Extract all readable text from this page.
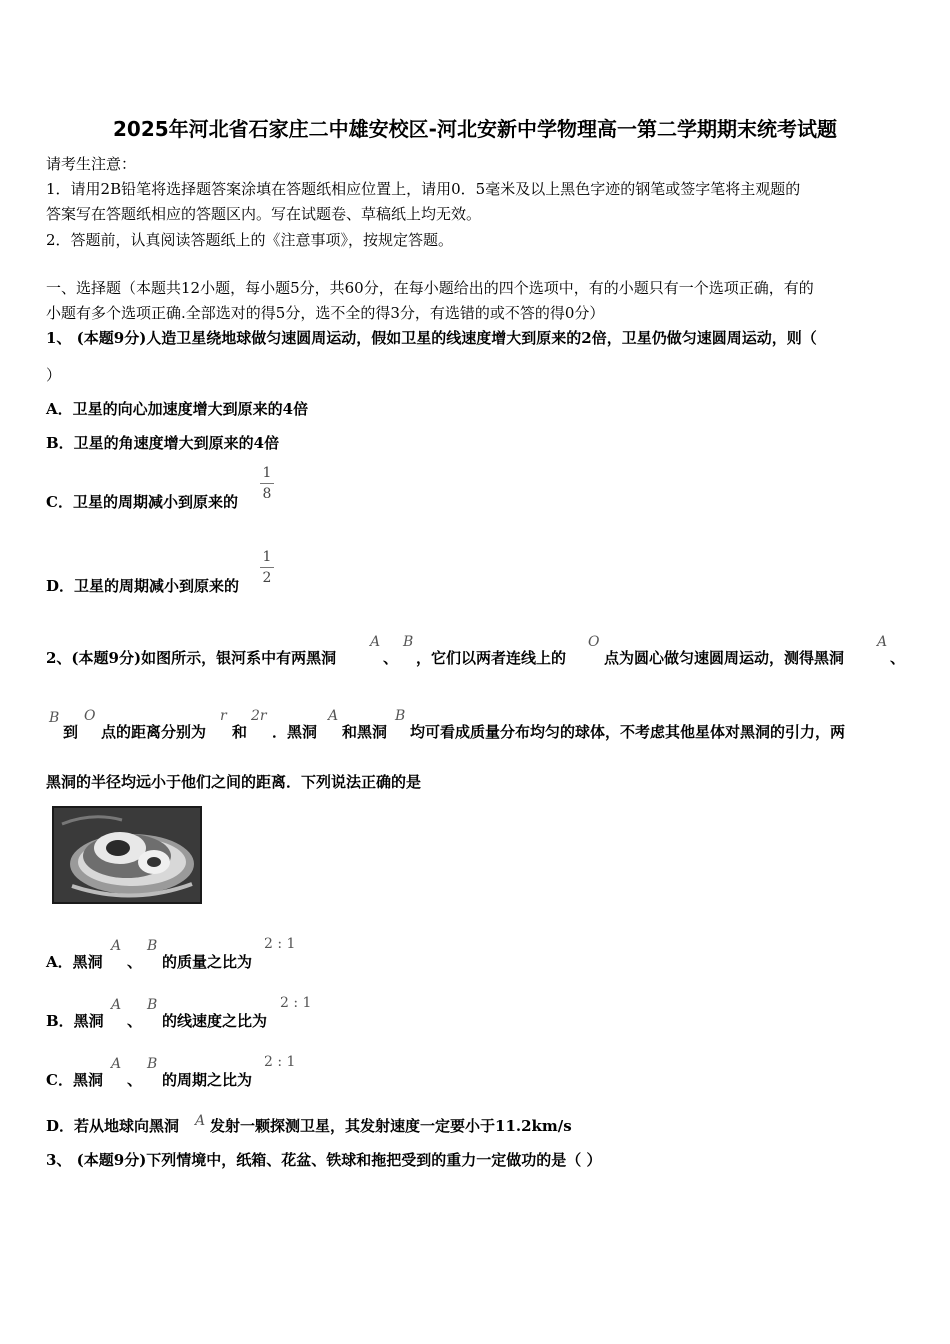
2025年河北省石家庄二中雄安校区-河北安新中学物理高一第二学期期末统考试题
请考生注意：
1．请用2B铅笔将选择题答案涂填在答题纸相应位置上，请用0．5毫米及以上黑色字迹的钢笔或签字笔将主观题的
答案写在答题纸相应的答题区内。写在试题卷、草稿纸上均无效。
2．答题前，认真阅读答题纸上的《注意事项》，按规定答题。
一、选择题（本题共12小题，每小题5分，共60分，在每小题给出的四个选项中，有的小题只有一个选项正确，有的
小题有多个选项正确.全部选对的得5分，选不全的得3分，有选错的或不答的得0分）
1、 (本题9分)人造卫星绕地球做匀速圆周运动，假如卫星的线速度增大到原来的2倍，卫星仍做匀速圆周运动，则（
）
A．卫星的向心加速度增大到原来的4倍
B．卫星的角速度增大到原来的4倍
C．卫星的周期减小到原来的
1
8
D．卫星的周期减小到原来的
1
2
2、(本题9分)如图所示，银河系中有两黑洞
A
、
B
，它们以两者连线上的
O
点为圆心做匀速圆周运动，测得黑洞
A
、
B
到
O
点的距离分别为
r
和
2r
．黑洞
A
和黑洞
B
均可看成质量分布均匀的球体，不考虑其他星体对黑洞的引力，两
黑洞的半径均远小于他们之间的距离．下列说法正确的是
A．黑洞
A
、
B
的质量之比为
2 : 1
B．黑洞
A
、
B
的线速度之比为
2 : 1
C．黑洞
A
、
B
的周期之比为
2 : 1
D．若从地球向黑洞 A 发射一颗探测卫星，其发射速度一定要小于11.2km/s
3、 (本题9分)下列情境中，纸箱、花盆、铁球和拖把受到的重力一定做功的是（ ）
